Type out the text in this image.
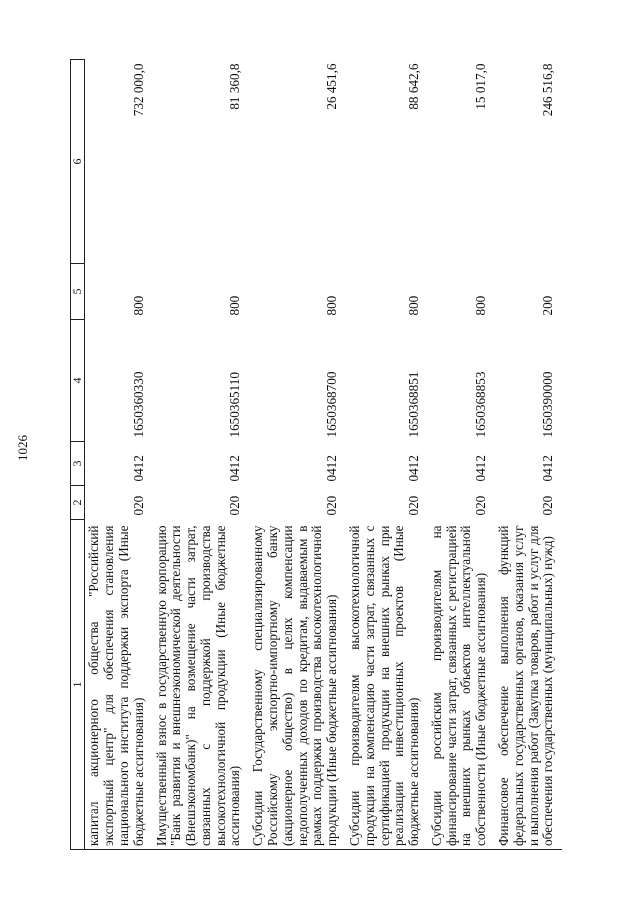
1026
1	2	3	4	5	6
капитал акционерного общества "Российский экспортный центр" для обеспечения становления национального института поддержки экспорта (Иные бюджетные ассигнования)	020	0412	1650360330	800	732 000,0
Имущественный взнос в государственную корпорацию "Банк развития и внешнеэкономической деятельности (Внешэкономбанк)" на возмещение части затрат, связанных с поддержкой производства высокотехнологичной продукции (Иные бюджетные ассигнования)	020	0412	1650365110	800	81 360,8
Субсидии Государственному специализированному Российскому экспортно-импортному банку (акционерное общество) в целях компенсации недополученных доходов по кредитам, выдаваемым в рамках поддержки производства высокотехнологичной продукции (Иные бюджетные ассигнования)	020	0412	1650368700	800	26 451,6
Субсидии производителям высокотехнологичной продукции на компенсацию части затрат, связанных с сертификацией продукции на внешних рынках при реализации инвестиционных проектов (Иные бюджетные ассигнования)	020	0412	1650368851	800	88 642,6
Субсидии российским производителям на финансирование части затрат, связанных с регистрацией на внешних рынках объектов интеллектуальной собственности (Иные бюджетные ассигнования)	020	0412	1650368853	800	15 017,0
Финансовое обеспечение выполнения функций федеральных государственных органов, оказания услуг и выполнения работ (Закупка товаров, работ и услуг для обеспечения государственных (муниципальных) нужд)	020	0412	1650390000	200	246 516,8
